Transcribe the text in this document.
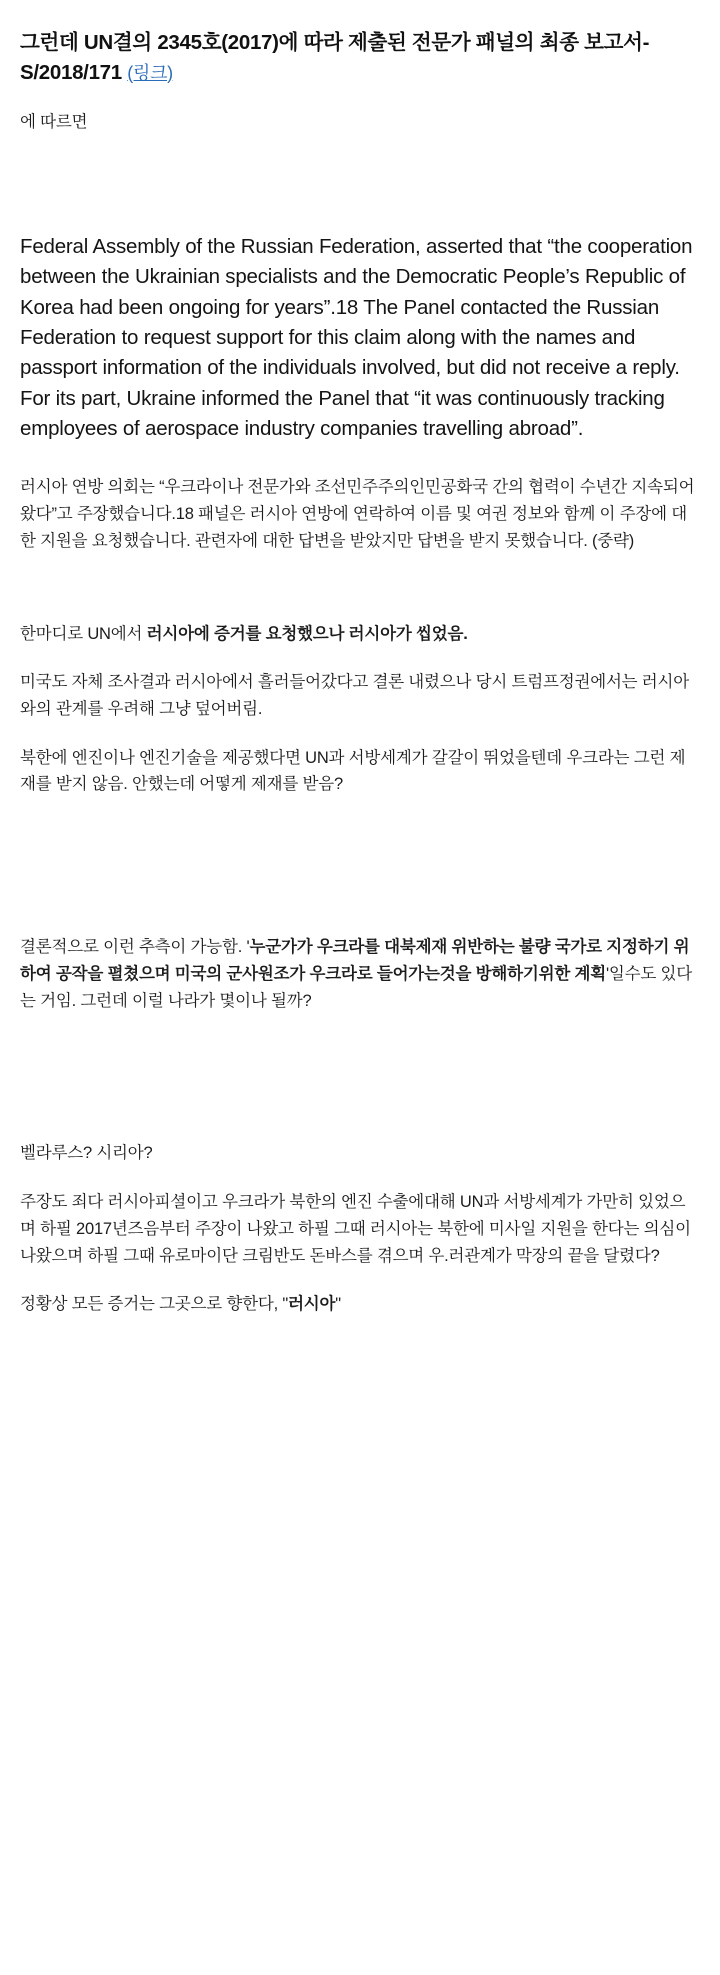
그런데 UN결의 2345호(2017)에 따라 제출된 전문가 패널의 최종 보고서-S/2018/171 (링크)

에 따르면

Federal Assembly of the Russian Federation, asserted that “the cooperation between the Ukrainian specialists and the Democratic People’s Republic of Korea had been ongoing for years”.18 The Panel contacted the Russian Federation to request support for this claim along with the names and passport information of the individuals involved, but did not receive a reply. For its part, Ukraine informed the Panel that “it was continuously tracking employees of aerospace industry companies travelling abroad”.

러시아 연방 의회는 “우크라이나 전문가와 조선민주주의인민공화국 간의 협력이 수년간 지속되어 왔다”고 주장했습니다.18 패널은 러시아 연방에 연락하여 이름 및 여권 정보와 함께 이 주장에 대한 지원을 요청했습니다. 관련자에 대한 답변을 받았지만 답변을 받지 못했습니다. (중략)

한마디로 UN에서 러시아에 증거를 요청했으나 러시아가 씹었음.

미국도 자체 조사결과 러시아에서 흘러들어갔다고 결론 내렸으나 당시 트럼프정권에서는 러시아와의 관계를 우려해 그냥 덮어버림.

북한에 엔진이나 엔진기술을 제공했다면 UN과 서방세계가 갈갈이 뛰었을텐데 우크라는 그런 제재를 받지 않음. 안했는데 어떻게 제재를 받음?

결론적으로 이런 추측이 가능함. '누군가가 우크라를 대북제재 위반하는 불량 국가로 지정하기 위하여 공작을 펼쳤으며 미국의 군사원조가 우크라로 들어가는것을 방해하기위한 계획'일수도 있다는 거임. 그런데 이럴 나라가 몇이나 될까?

벨라루스? 시리아?

주장도 죄다 러시아피셜이고 우크라가 북한의 엔진 수출에대해 UN과 서방세계가 가만히 있었으며 하필 2017년즈음부터 주장이 나왔고 하필 그때 러시아는 북한에 미사일 지원을 한다는 의심이 나왔으며 하필 그때 유로마이단 크림반도 돈바스를 겪으며 우.러관계가 막장의 끝을 달렸다?

정황상 모든 증거는 그곳으로 향한다, "러시아"
